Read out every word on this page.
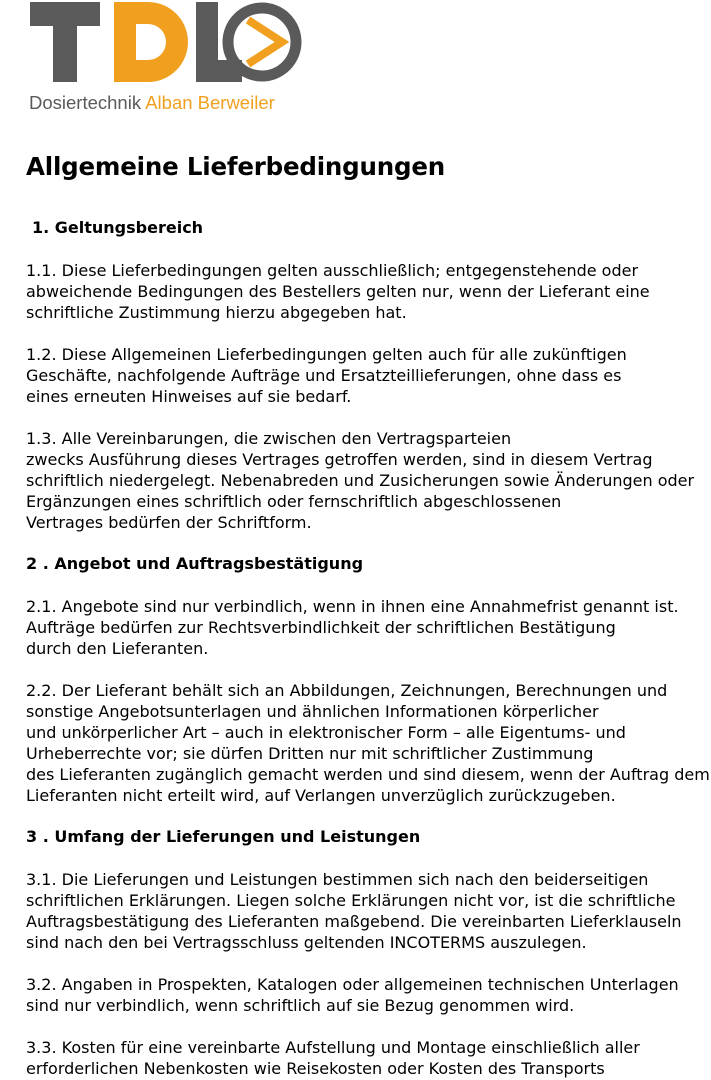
Dosiertechnik Alban Berweiler
Allgemeine Lieferbedingungen
1. Geltungsbereich

1.1. Diese Lieferbedingungen gelten ausschließlich; entgegenstehende oder
abweichende Bedingungen des Bestellers gelten nur, wenn der Lieferant eine
schriftliche Zustimmung hierzu abgegeben hat.

1.2. Diese Allgemeinen Lieferbedingungen gelten auch für alle zukünftigen
Geschäfte, nachfolgende Aufträge und Ersatzteillieferungen, ohne dass es
eines erneuten Hinweises auf sie bedarf.

1.3. Alle Vereinbarungen, die zwischen den Vertragsparteien
zwecks Ausführung dieses Vertrages getroffen werden, sind in diesem Vertrag
schriftlich niedergelegt. Nebenabreden und Zusicherungen sowie Änderungen oder
Ergänzungen eines schriftlich oder fernschriftlich abgeschlossenen
Vertrages bedürfen der Schriftform.

2 . Angebot und Auftragsbestätigung

2.1. Angebote sind nur verbindlich, wenn in ihnen eine Annahmefrist genannt ist.
Aufträge bedürfen zur Rechtsverbindlichkeit der schriftlichen Bestätigung
durch den Lieferanten.

2.2. Der Lieferant behält sich an Abbildungen, Zeichnungen, Berechnungen und
sonstige Angebotsunterlagen und ähnlichen Informationen körperlicher
und unkörperlicher Art – auch in elektronischer Form – alle Eigentums- und
Urheberrechte vor; sie dürfen Dritten nur mit schriftlicher Zustimmung
des Lieferanten zugänglich gemacht werden und sind diesem, wenn der Auftrag dem
Lieferanten nicht erteilt wird, auf Verlangen unverzüglich zurückzugeben.

3 . Umfang der Lieferungen und Leistungen

3.1. Die Lieferungen und Leistungen bestimmen sich nach den beiderseitigen
schriftlichen Erklärungen. Liegen solche Erklärungen nicht vor, ist die schriftliche
Auftragsbestätigung des Lieferanten maßgebend. Die vereinbarten Lieferklauseln
sind nach den bei Vertragsschluss geltenden INCOTERMS auszulegen.

3.2. Angaben in Prospekten, Katalogen oder allgemeinen technischen Unterlagen
sind nur verbindlich, wenn schriftlich auf sie Bezug genommen wird.

3.3. Kosten für eine vereinbarte Aufstellung und Montage einschließlich aller
erforderlichen Nebenkosten wie Reisekosten oder Kosten des Transports
